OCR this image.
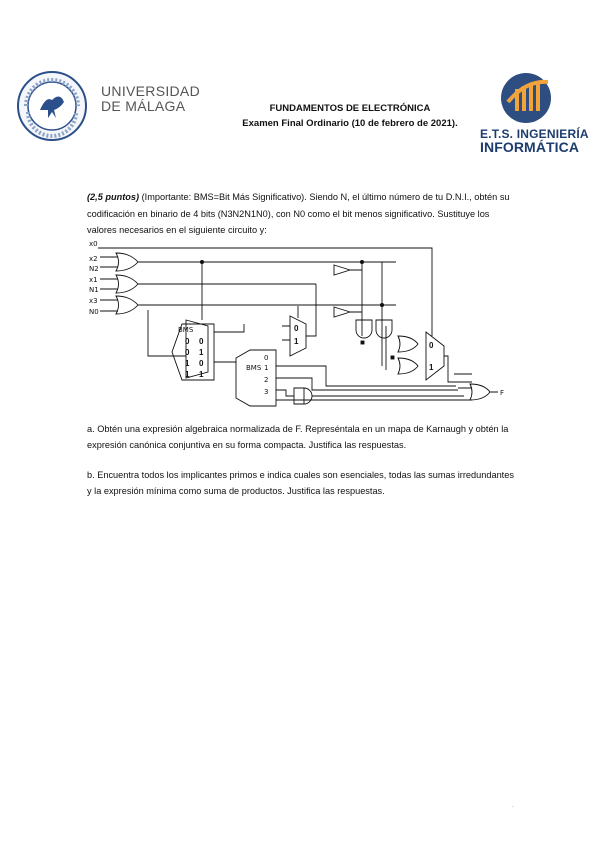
UNIVERSIDAD
DE MÁLAGA	FUNDAMENTOS DE ELECTRÓNICA
Examen Final Ordinario (10 de febrero de 2021).
E.T.S. INGENIERÍA
INFORMÁTICA
(2,5 puntos) (Importante: BMS=Bit Más Significativo). Siendo N, el último número de tu D.N.I., obtén su codificación en binario de 4 bits (N3N2N1N0), con N0 como el bit menos significativo. Sustituye los valores necesarios en el siguiente circuito y:
x0
x2
N2
x1
N1
x3
N0
0
1
BMS
0 0
0 1
1 0
1 1
0
1
BMS
0
1
2
3	F
a. Obtén una expresión algebraica normalizada de F. Represéntala en un mapa de Karnaugh y obtén la expresión canónica conjuntiva en su forma compacta. Justifica las respuestas.
b. Encuentra todos los implicantes primos e indica cuales son esenciales, todas las sumas irredundantes y la expresión mínima como suma de productos. Justifica las respuestas.
.
